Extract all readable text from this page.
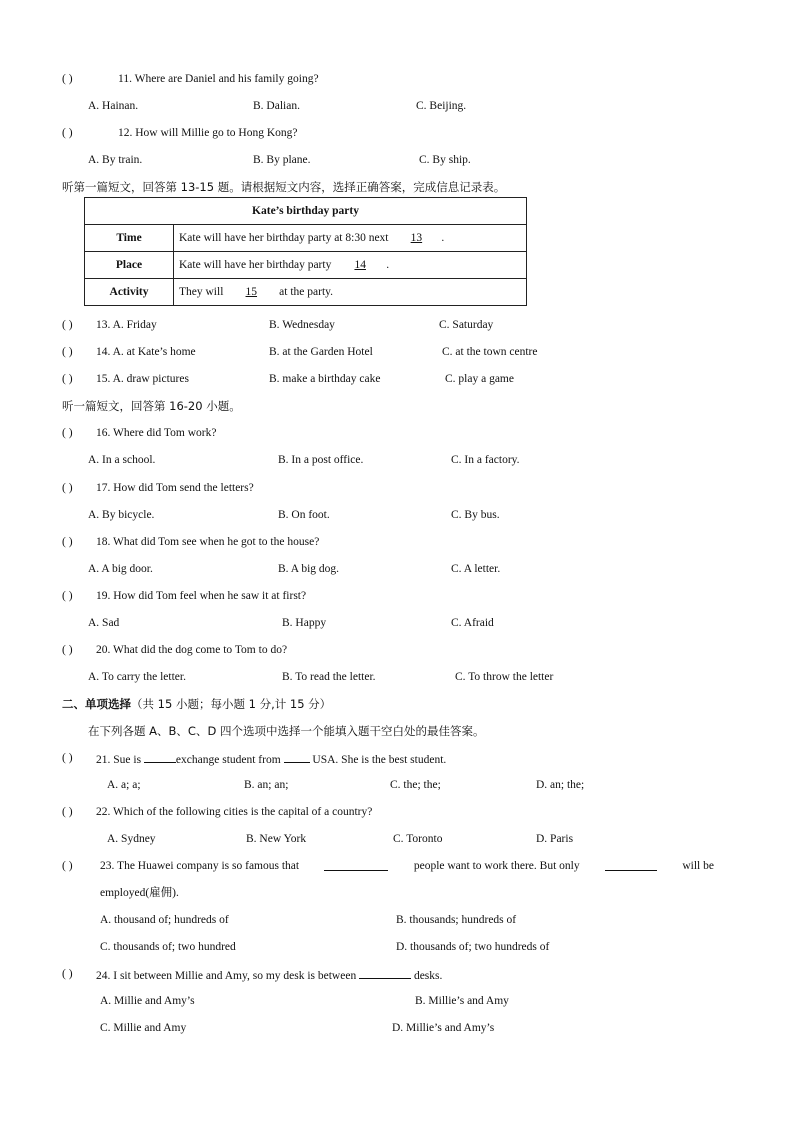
( )	11. Where are Daniel and his family going?
A. Hainan.	B. Dalian.	C. Beijing.
( )	12. How will Millie go to Hong Kong?
A. By train.	B. By plane.	C. By ship.
听第一篇短文，回答第 13-15 题。请根据短文内容，选择正确答案，完成信息记录表。
Kate’s birthday party	
Time	Kate will have her birthday party at 8:30 next 13 .
Place	Kate will have her birthday party 14 .
Activity	They will 15 at the party.
( ) 13. A. Friday	B. Wednesday	C. Saturday
( ) 14. A. at Kate’s home	B. at the Garden Hotel	C. at the town centre
( ) 15. A. draw pictures	B. make a birthday cake	C. play a game
听一篇短文，回答第 16-20 小题。
( ) 16. Where did Tom work?
A. In a school.	B. In a post office.	C. In a factory.
( ) 17. How did Tom send the letters?
A. By bicycle.	B. On foot.	C. By bus.
( ) 18. What did Tom see when he got to the house?
A. A big door.	B. A big dog.	C. A letter.
( ) 19. How did Tom feel when he saw it at first?
A. Sad	B. Happy	C. Afraid
( ) 20. What did the dog come to Tom to do?
A. To carry the letter.	B. To read the letter.	C. To throw the letter
二、单项选择（共 15 小题；每小题 1 分,计 15 分）
在下列各题 A、B、C、D 四个选项中选择一个能填入题干空白处的最佳答案。
( ) 21. Sue is	exchange student from	USA. She is the best student.
A. a; a;	B. an; an;	C. the; the;	D. an; the;
( ) 22. Which of the following cities is the capital of a country?
A. Sydney	B. New York	C. Toronto	D. Paris
( ) 23. The Huawei company is so famous that	people want to work there. But only	will be
employed(雇佣).
A. thousand of; hundreds of	B. thousands; hundreds of
C. thousands of; two hundred	D. thousands of; two hundreds of
( ) 24. I sit between Millie and Amy, so my desk is between	desks.
A. Millie and Amy’s	B. Millie’s and Amy
C. Millie and Amy	D. Millie’s and Amy’s
